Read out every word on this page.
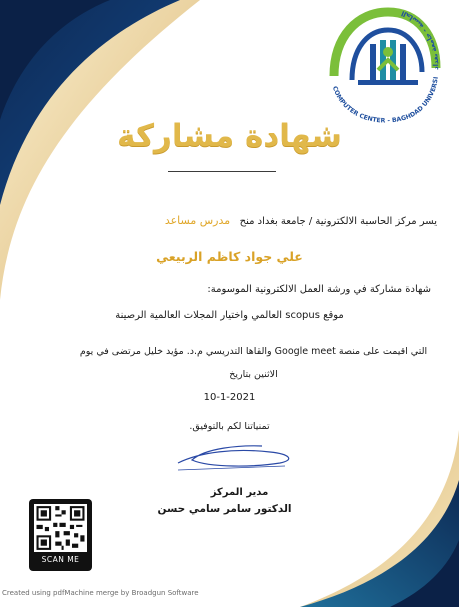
COMPUTER CENTER - BAGHDAD UNIVERSI
الحاسبة - جامعة بغداد
شهادة مشاركة
يسر مركز الحاسبة الالكترونية / جامعة بغداد منح   مدرس مساعد
علي جواد كاظم الربيعي
شهادة مشاركة في ورشة العمل الالكترونية الموسومة:
موقع scopus العالمي واختيار المجلات العالمية الرصينة
التي اقيمت على منصة Google meet والقاها التدريسي م.د. مؤيد خليل مرتضى في يوم
الاثنين بتاريخ
10-1-2021
تمنياتنا لكم بالتوفيق.
مدير المركز
الدكتور سامر سامي حسن
SCAN ME
Created using pdfMachine merge by Broadgun Software
